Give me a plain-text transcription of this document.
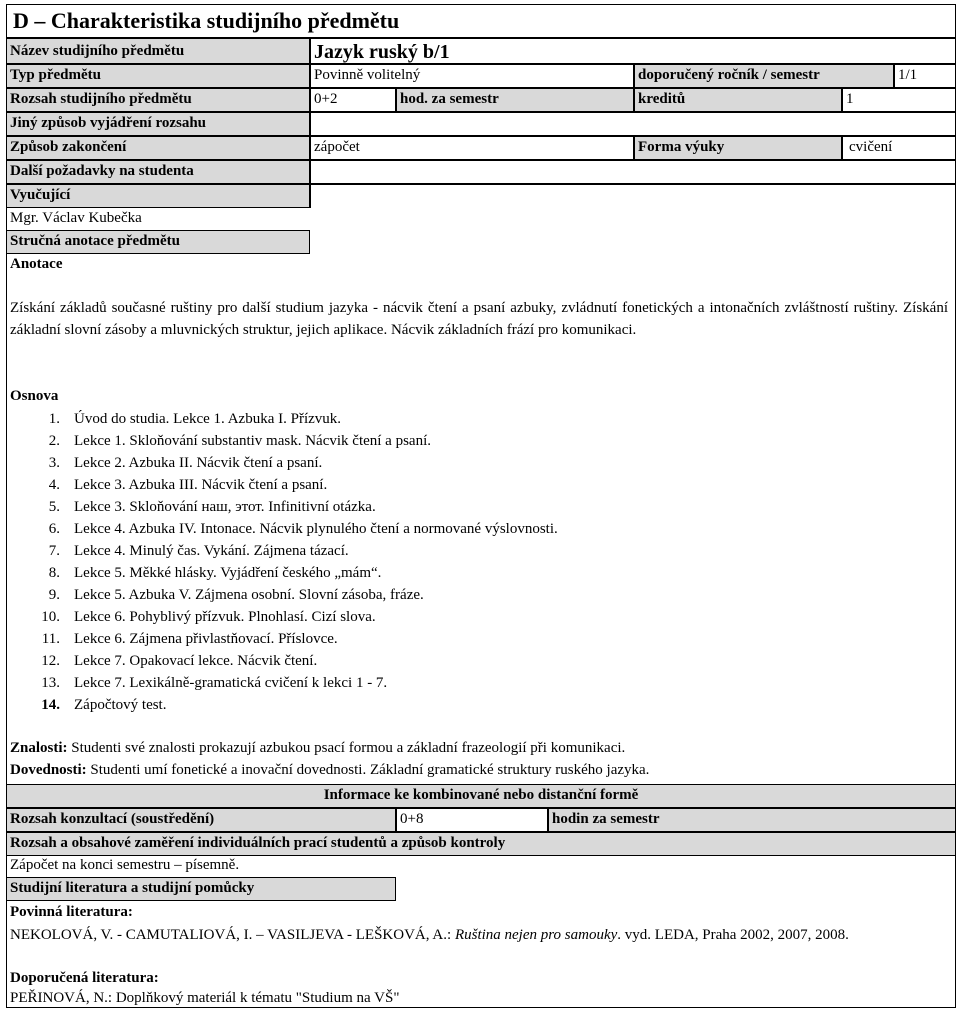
D – Charakteristika studijního předmětu
Název studijního předmětu	Jazyk ruský b/1
Typ předmětu	Povinně volitelný	doporučený ročník / semestr	1/1
Rozsah studijního předmětu	0+2	hod. za semestr	kreditů	1
Jiný způsob vyjádření rozsahu
Způsob zakončení	zápočet	Forma výuky	cvičení
Další požadavky na studenta
Vyučující
Mgr. Václav Kubečka
Stručná anotace předmětu
Anotace
Získání základů současné ruštiny pro další studium jazyka - nácvik čtení a psaní azbuky, zvládnutí fonetických a intonačních zvláštností ruštiny. Získání základní slovní zásoby a mluvnických struktur, jejich aplikace. Nácvik základních frází pro komunikaci.
Osnova
1. Úvod do studia. Lekce 1. Azbuka I. Přízvuk.
2. Lekce 1. Skloňování substantiv mask. Nácvik čtení a psaní.
3. Lekce 2. Azbuka II. Nácvik čtení a psaní.
4. Lekce 3. Azbuka III. Nácvik čtení a psaní.
5. Lekce 3. Skloňování наш, этот. Infinitivní otázka.
6. Lekce 4. Azbuka IV. Intonace. Nácvik plynulého čtení a normované výslovnosti.
7. Lekce 4. Minulý čas. Vykání. Zájmena tázací.
8. Lekce 5. Měkké hlásky. Vyjádření českého „mám“.
9. Lekce 5. Azbuka V. Zájmena osobní. Slovní zásoba, fráze.
10. Lekce 6. Pohyblivý přízvuk. Plnohlasí. Cizí slova.
11. Lekce 6. Zájmena přivlastňovací. Příslovce.
12. Lekce 7. Opakovací lekce. Nácvik čtení.
13. Lekce 7. Lexikálně-gramatická cvičení k lekci 1 - 7.
14. Zápočtový test.
Znalosti: Studenti své znalosti prokazují azbukou psací formou a základní frazeologií při komunikaci.
Dovednosti: Studenti umí fonetické a inovační dovednosti. Základní gramatické struktury ruského jazyka.
Informace ke kombinované nebo distanční formě
Rozsah konzultací (soustředění)	0+8	hodin za semestr
Rozsah a obsahové zaměření individuálních prací studentů a způsob kontroly
Zápočet na konci semestru – písemně.
Studijní literatura a studijní pomůcky
Povinná literatura:
NEKOLOVÁ, V. - CAMUTALIOVÁ, I. – VASILJEVA - LEŠKOVÁ, A.: Ruština nejen pro samouky. vyd. LEDA, Praha 2002, 2007, 2008.
Doporučená literatura:
PEŘINOVÁ, N.: Doplňkový materiál k tématu "Studium na VŠ"
